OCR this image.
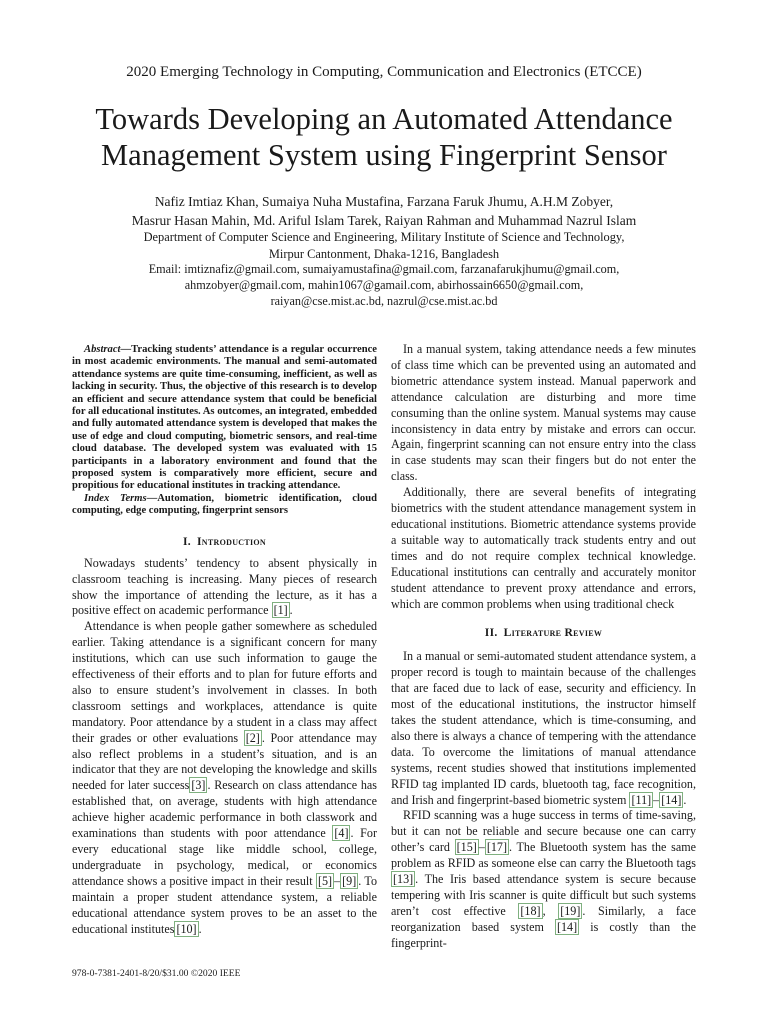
2020 Emerging Technology in Computing, Communication and Electronics (ETCCE)
Towards Developing an Automated Attendance
Management System using Fingerprint Sensor
Nafiz Imtiaz Khan, Sumaiya Nuha Mustafina, Farzana Faruk Jhumu, A.H.M Zobyer,
Masrur Hasan Mahin, Md. Ariful Islam Tarek, Raiyan Rahman and Muhammad Nazrul Islam
Department of Computer Science and Engineering, Military Institute of Science and Technology,
Mirpur Cantonment, Dhaka-1216, Bangladesh
Email: imtiznafiz@gmail.com, sumaiyamustafina@gmail.com, farzanafarukjhumu@gmail.com,
ahmzobyer@gmail.com, mahin1067@gamail.com, abirhossain6650@gmail.com,
raiyan@cse.mist.ac.bd, nazrul@cse.mist.ac.bd

Abstract—Tracking students’ attendance is a regular occurrence in most academic environments. The manual and semi-automated attendance systems are quite time-consuming, inefficient, as well as lacking in security. Thus, the objective of this research is to develop an efficient and secure attendance system that could be beneficial for all educational institutes. As outcomes, an integrated, embedded and fully automated attendance system is developed that makes the use of edge and cloud computing, biometric sensors, and real-time cloud database. The developed system was evaluated with 15 participants in a laboratory environment and found that the proposed system is comparatively more efficient, secure and propitious for educational institutes in tracking attendance.

Index Terms—Automation, biometric identification, cloud computing, edge computing, fingerprint sensors

I. Introduction

Nowadays students’ tendency to absent physically in classroom teaching is increasing. Many pieces of research show the importance of attending the lecture, as it has a positive effect on academic performance [1] .

Attendance is when people gather somewhere as scheduled earlier. Taking attendance is a significant concern for many institutions, which can use such information to gauge the effectiveness of their efforts and to plan for future efforts and also to ensure student’s involvement in classes. In both classroom settings and workplaces, attendance is quite mandatory. Poor attendance by a student in a class may affect their grades or other evaluations [2] . Poor attendance may also reflect problems in a student’s situation, and is an indicator that they are not developing the knowledge and skills needed for later success [3] . Research on class attendance has established that, on average, students with high attendance achieve higher academic performance in both classwork and examinations than students with poor attendance [4] . For every educational stage like middle school, college, undergraduate in psychology, medical, or economics attendance shows a positive impact in their result [5] – [9] . To maintain a proper student attendance system, a reliable educational attendance system proves to be an asset to the educational institutes [10] .

In a manual system, taking attendance needs a few minutes of class time which can be prevented using an automated and biometric attendance system instead. Manual paperwork and attendance calculation are disturbing and more time consuming than the online system. Manual systems may cause inconsistency in data entry by mistake and errors can occur. Again, fingerprint scanning can not ensure entry into the class in case students may scan their fingers but do not enter the class.

Additionally, there are several benefits of integrating biometrics with the student attendance management system in educational institutions. Biometric attendance systems provide a suitable way to automatically track students entry and out times and do not require complex technical knowledge. Educational institutions can centrally and accurately monitor student attendance to prevent proxy attendance and errors, which are common problems when using traditional check

II. Literature Review

In a manual or semi-automated student attendance system, a proper record is tough to maintain because of the challenges that are faced due to lack of ease, security and efficiency. In most of the educational institutions, the instructor himself takes the student attendance, which is time-consuming, and also there is always a chance of tempering with the attendance data. To overcome the limitations of manual attendance systems, recent studies showed that institutions implemented RFID tag implanted ID cards, bluetooth tag, face recognition, and Irish and fingerprint-based biometric system [11] – [14] .

RFID scanning was a huge success in terms of time-saving, but it can not be reliable and secure because one can carry other’s card [15] – [17] . The Bluetooth system has the same problem as RFID as someone else can carry the Bluetooth tags [13] . The Iris based attendance system is secure because tempering with Iris scanner is quite difficult but such systems aren’t cost effective [18] , [19] . Similarly, a face reorganization based system [14] is costly than the fingerprint-

978-0-7381-2401-8/20/$31.00 ©2020 IEEE
